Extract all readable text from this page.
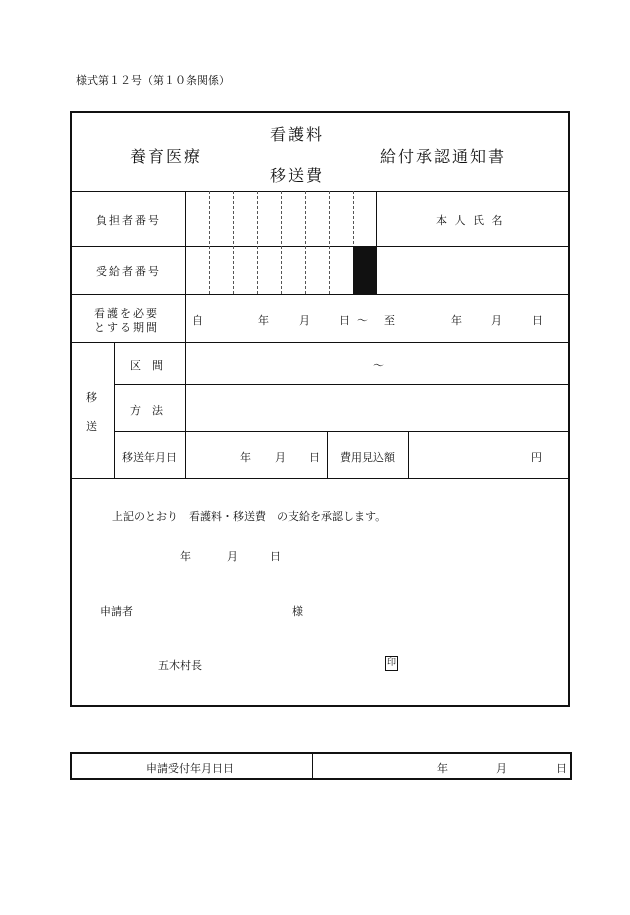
様式第１２号（第１０条関係）
養育医療
看護料
移送費
給付承認通知書
負担者番号	本 人 氏 名
受給者番号
看護を必要
とする期間
自	年	月	日 〜 至	年	月	日
移
送
区　間	〜
方　法
移送年月日	年 月 日 費用見込額	円
上記のとおり　看護料・移送費　の支給を承認します。
年	月	日
申請者	様
五木村長	印
申請受付年月日日	年	月	日
